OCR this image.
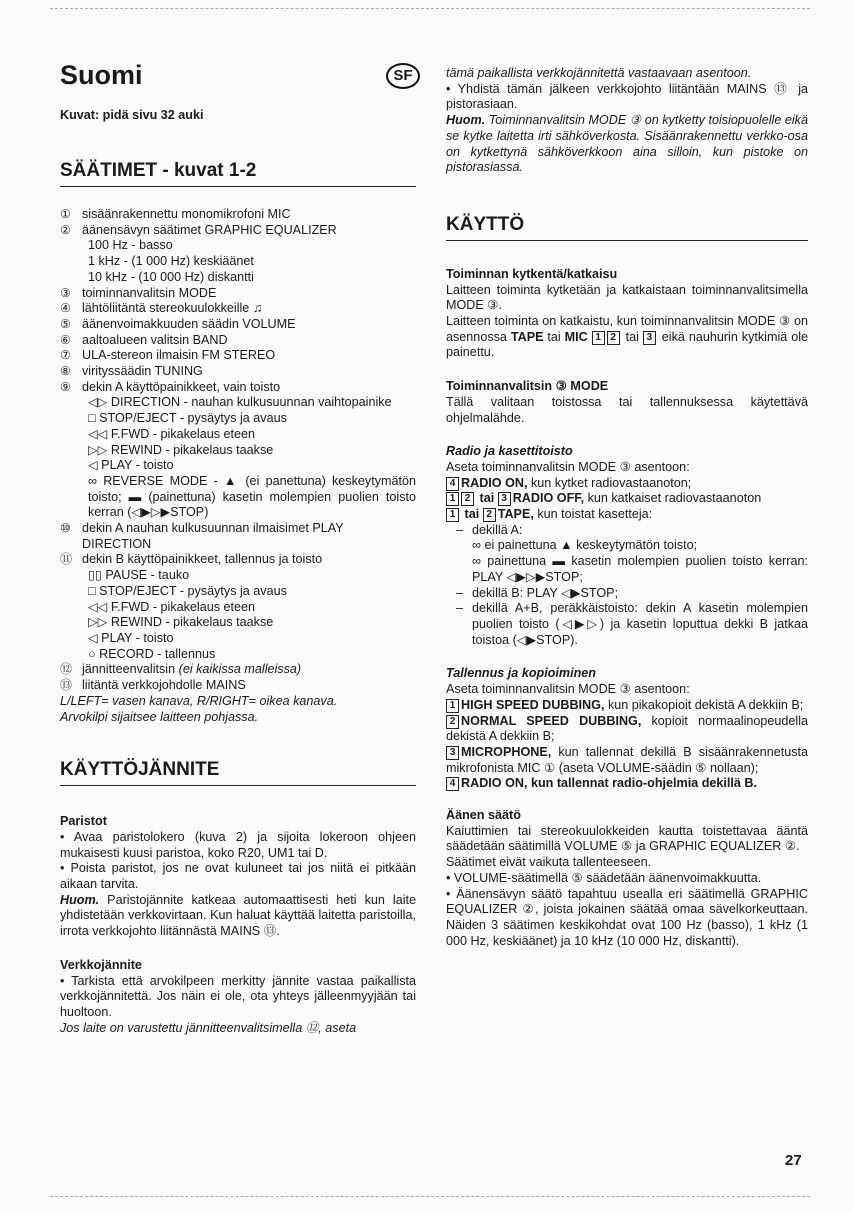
Suomi	SF

Kuvat: pidä sivu 32 auki

SÄÄTIMET - kuvat 1-2
① sisäänrakennettu monomikrofoni MIC
② äänensävyn säätimet GRAPHIC EQUALIZER
100 Hz - basso
1 kHz - (1 000 Hz) keskiäänet
10 kHz - (10 000 Hz) diskantti
③ toiminnanvalitsin MODE
④ lähtöliitäntä stereokuulokkeille ♫
⑤ äänenvoimakkuuden säädin VOLUME
⑥ aaltoalueen valitsin BAND
⑦ ULA-stereon ilmaisin FM STEREO
⑧ virityssäädin TUNING
⑨ dekin A käyttöpainikkeet, vain toisto
◁▷ DIRECTION - nauhan kulkusuunnan vaihtopainike
□ STOP/EJECT - pysäytys ja avaus
◁◁ F.FWD - pikakelaus eteen
▷▷ REWIND - pikakelaus taakse
◁ PLAY - toisto
∞ REVERSE MODE - ▲ (ei panettuna) keskeytymätön toisto; ▬ (painettuna) kasetin molempien puolien toisto kerran (◁▶▷▶STOP)
⑩ dekin A nauhan kulkusuunnan ilmaisimet PLAY DIRECTION
⑪ dekin B käyttöpainikkeet, tallennus ja toisto
▯▯ PAUSE - tauko
□ STOP/EJECT - pysäytys ja avaus
◁◁ F.FWD - pikakelaus eteen
▷▷ REWIND - pikakelaus taakse
◁ PLAY - toisto
○ RECORD - tallennus
⑫ jännitteenvalitsin (ei kaikissa malleissa)
⑬ liitäntä verkkojohdolle MAINS

L/LEFT= vasen kanava, R/RIGHT= oikea kanava.

Arvokilpi sijaitsee laitteen pohjassa.

KÄYTTÖJÄNNITE
Paristot

• Avaa paristolokero (kuva 2) ja sijoita lokeroon ohjeen mukaisesti kuusi paristoa, koko R20, UM1 tai D.

• Poista paristot, jos ne ovat kuluneet tai jos niitä ei pitkään aikaan tarvita.

Huom. Paristojännite katkeaa automaattisesti heti kun laite yhdistetään verkkovirtaan. Kun haluat käyttää laitetta paristoilla, irrota verkkojohto liitännästä MAINS ⑬.

Verkkojännite

• Tarkista että arvokilpeen merkitty jännite vastaa paikallista verkkojännitettä. Jos näin ei ole, ota yhteys jälleenmyyjään tai huoltoon.

Jos laite on varustettu jännitteenvalitsimella ⑫, aseta

tämä paikallista verkkojännitettä vastaavaan asentoon.

• Yhdistä tämän jälkeen verkkojohto liitäntään MAINS ⑬ ja pistorasiaan.

Huom. Toiminnanvalitsin MODE ③ on kytketty toisiopuolelle eikä se kytke laitetta irti sähköverkosta. Sisäänrakennettu verkko-osa on kytkettynä sähköverkkoon aina silloin, kun pistoke on pistorasiassa.

KÄYTTÖ
Toiminnan kytkentä/katkaisu

Laitteen toiminta kytketään ja katkaistaan toiminnanvalitsimella MODE ③.

Laitteen toiminta on katkaistu, kun toiminnanvalitsin MODE ③ on asennossa TAPE tai MIC 1 2 tai 3 eikä nauhurin kytkimiä ole painettu.

Toiminnanvalitsin ③ MODE

Tällä valitaan toistossa tai tallennuksessa käytettävä ohjelmalähde.

Radio ja kasettitoisto

Aseta toiminnanvalitsin MODE ③ asentoon:

4 RADIO ON, kun kytket radiovastaanoton;

1 2 tai 3 RADIO OFF, kun katkaiset radiovastaanoton

1 tai 2 TAPE, kun toistat kasetteja:

– dekillä A:
∞ ei painettuna ▲ keskeytymätön toisto;
∞ painettuna ▬ kasetin molempien puolien toisto kerran: PLAY ◁▶▷▶STOP;
– dekillä B: PLAY ◁▶STOP;
– dekillä A+B, peräkkäistoisto: dekin A kasetin molempien puolien toisto (◁▶▷) ja kasetin loputtua dekki B jatkaa toistoa (◁▶STOP).
Tallennus ja kopioiminen

Aseta toiminnanvalitsin MODE ③ asentoon:

1 HIGH SPEED DUBBING, kun pikakopioit dekistä A dekkiin B;

2 NORMAL SPEED DUBBING, kopioit normaalinopeudella dekistä A dekkiin B;

3 MICROPHONE, kun tallennat dekillä B sisäänrakennetusta mikrofonista MIC ① (aseta VOLUME-säädin ⑤ nollaan);

4 RADIO ON, kun tallennat radio-ohjelmia dekillä B.

Äänen säätö

Kaiuttimien tai stereokuulokkeiden kautta toistettavaa ääntä säädetään säätimillä VOLUME ⑤ ja GRAPHIC EQUALIZER ②.

Säätimet eivät vaikuta tallenteeseen.

• VOLUME-säätimellä ⑤ säädetään äänenvoimakkuutta.

• Äänensävyn säätö tapahtuu usealla eri säätimellä GRAPHIC EQUALIZER ②, joista jokainen säätää omaa sävelkorkeuttaan. Näiden 3 säätimen keskikohdat ovat 100 Hz (basso), 1 kHz (1 000 Hz, keskiäänet) ja 10 kHz (10 000 Hz, diskantti).

27
